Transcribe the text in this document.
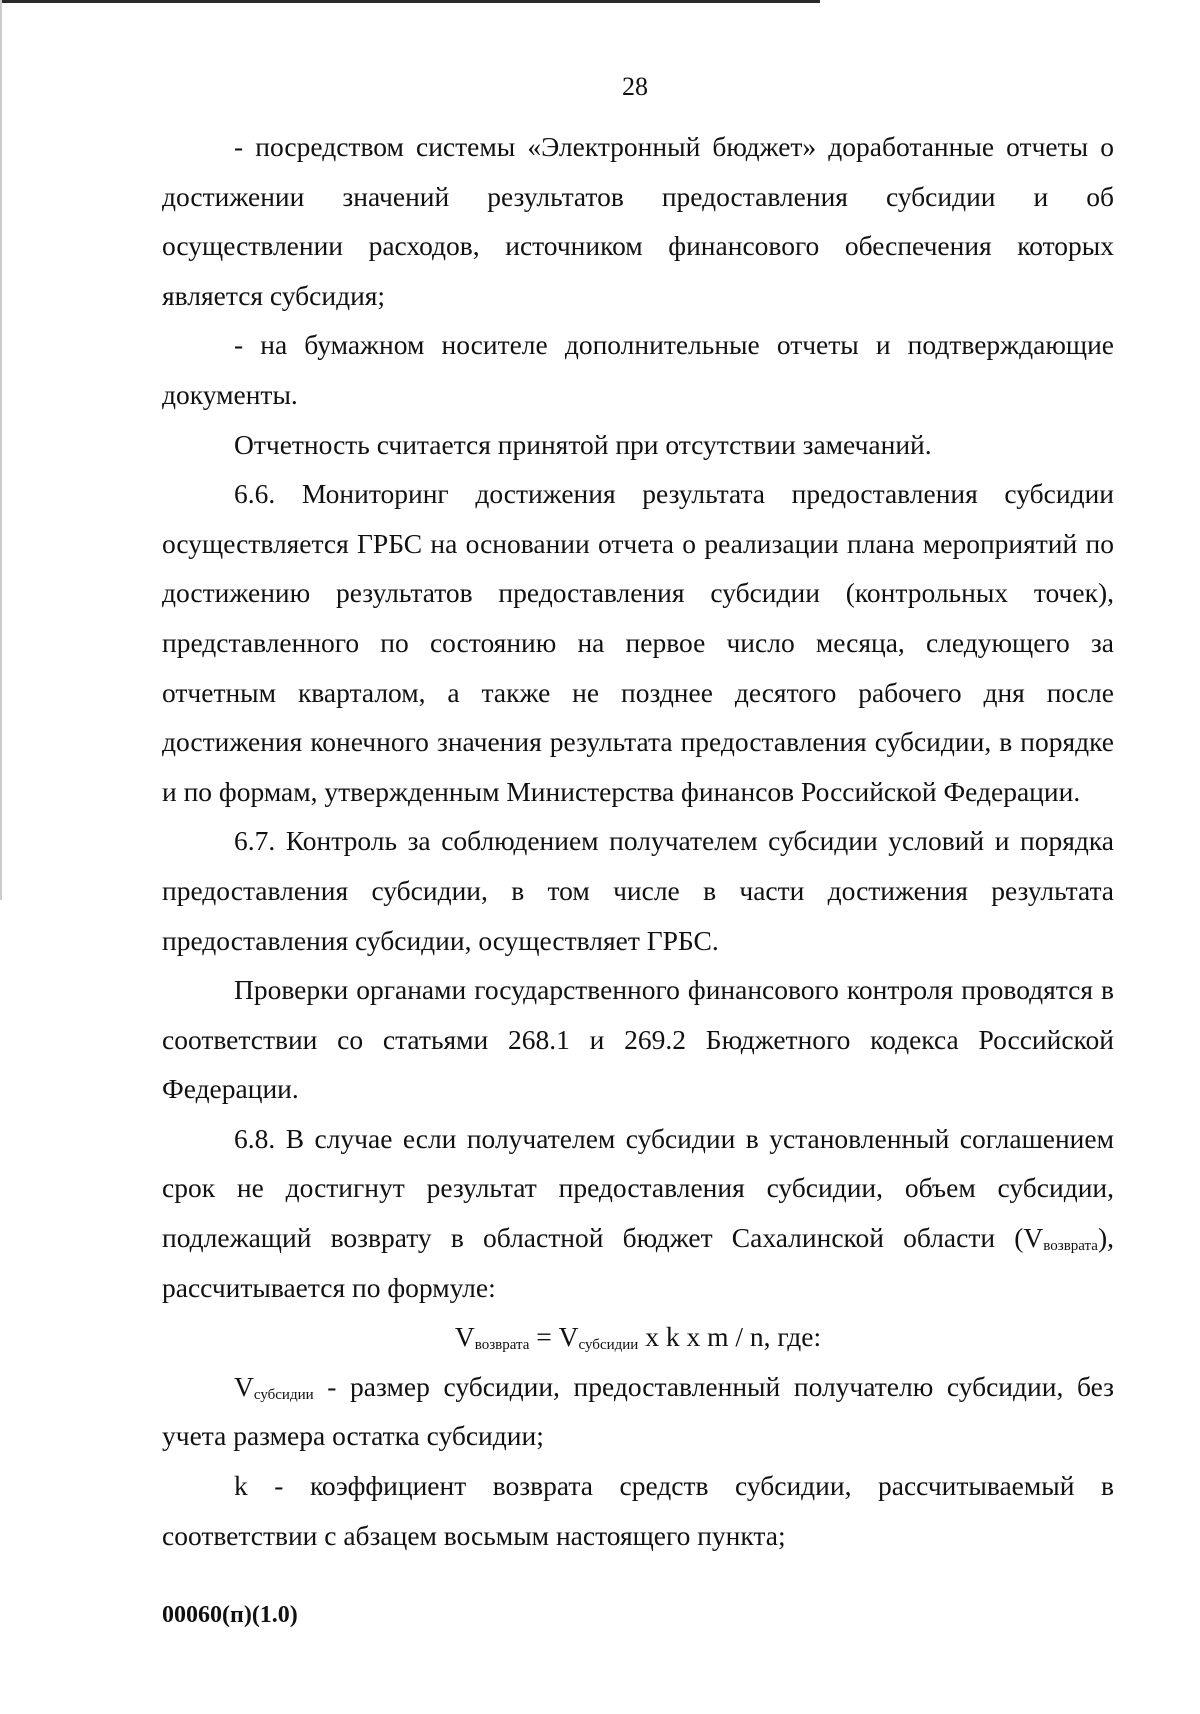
28

- посредством системы «Электронный бюджет» доработанные отчеты о достижении значений результатов предоставления субсидии и об осуществлении расходов, источником финансового обеспечения которых является субсидия;

- на бумажном носителе дополнительные отчеты и подтверждающие документы.

Отчетность считается принятой при отсутствии замечаний.

6.6. Мониторинг достижения результата предоставления субсидии осуществляется ГРБС на основании отчета о реализации плана мероприятий по достижению результатов предоставления субсидии (контрольных точек), представленного по состоянию на первое число месяца, следующего за отчетным кварталом, а также не позднее десятого рабочего дня после достижения конечного значения результата предоставления субсидии, в порядке и по формам, утвержденным Министерства финансов Российской Федерации.

6.7. Контроль за соблюдением получателем субсидии условий и порядка предоставления субсидии, в том числе в части достижения результата предоставления субсидии, осуществляет ГРБС.

Проверки органами государственного финансового контроля проводятся в соответствии со статьями 268.1 и 269.2 Бюджетного кодекса Российской Федерации.

6.8. В случае если получателем субсидии в установленный соглашением срок не достигнут результат предоставления субсидии, объем субсидии, подлежащий возврату в областной бюджет Сахалинской области $(V_{возврата})$, рассчитывается по формуле:

$V_{возврата} = V_{субсидии}$ x k x m / n, где:

$V_{субсидии}$ - размер субсидии, предоставленный получателю субсидии, без учета размера остатка субсидии;

k - коэффициент возврата средств субсидии, рассчитываемый в соответствии с абзацем восьмым настоящего пункта;

00060(п)(1.0)
